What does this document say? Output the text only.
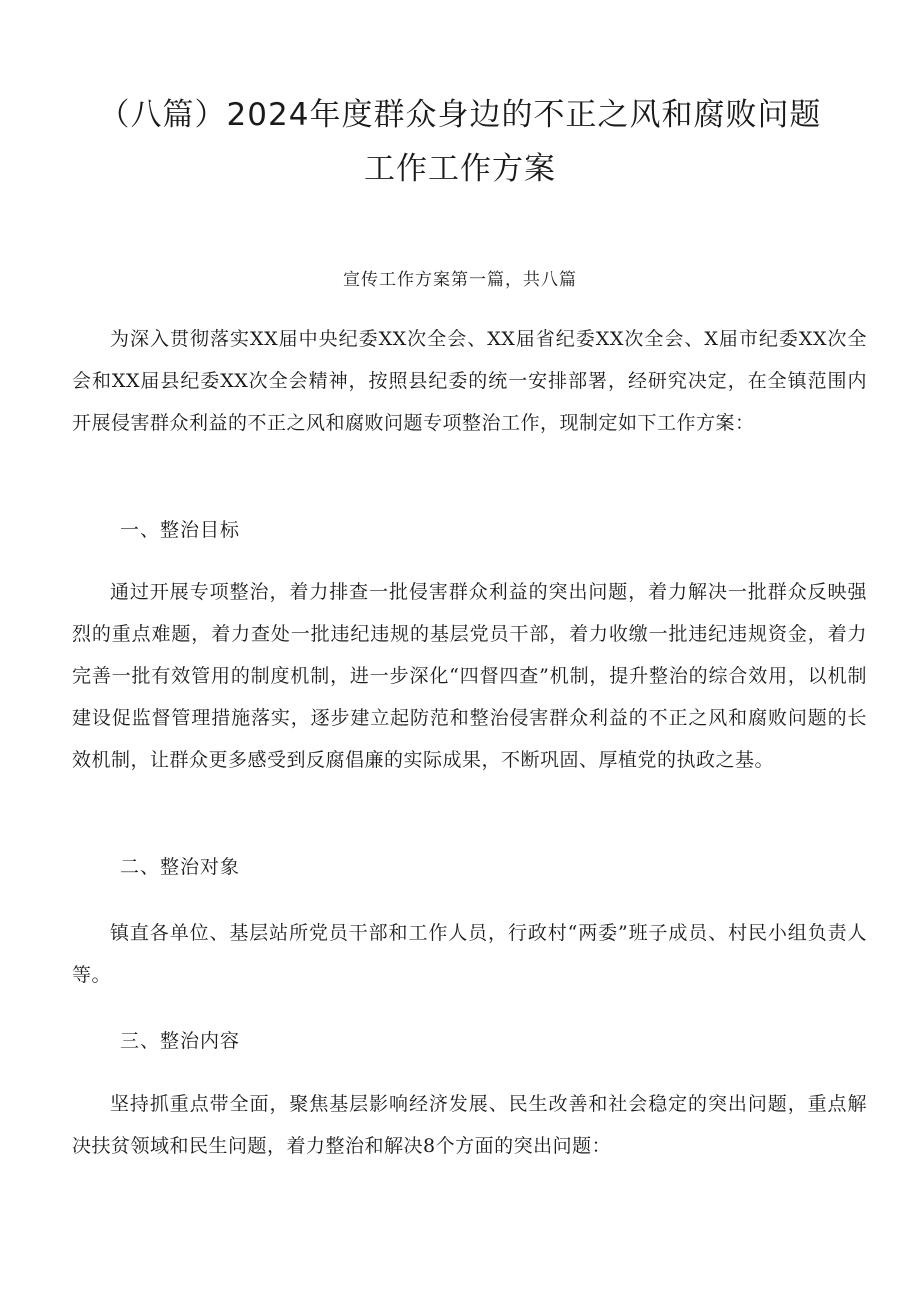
（八篇）2024年度群众身边的不正之风和腐败问题
工作工作方案
宣传工作方案第一篇，共八篇

为深入贯彻落实XX届中央纪委XX次全会、XX届省纪委XX次全会、X届市纪委XX次全会和XX届县纪委XX次全会精神，按照县纪委的统一安排部署，经研究决定，在全镇范围内开展侵害群众利益的不正之风和腐败问题专项整治工作，现制定如下工作方案：

一、整治目标

通过开展专项整治，着力排查一批侵害群众利益的突出问题，着力解决一批群众反映强烈的重点难题，着力查处一批违纪违规的基层党员干部，着力收缴一批违纪违规资金，着力完善一批有效管用的制度机制，进一步深化“四督四查”机制，提升整治的综合效用，以机制建设促监督管理措施落实，逐步建立起防范和整治侵害群众利益的不正之风和腐败问题的长效机制，让群众更多感受到反腐倡廉的实际成果，不断巩固、厚植党的执政之基。

二、整治对象

镇直各单位、基层站所党员干部和工作人员，行政村“两委”班子成员、村民小组负责人等。

三、整治内容

坚持抓重点带全面，聚焦基层影响经济发展、民生改善和社会稳定的突出问题，重点解决扶贫领域和民生问题，着力整治和解决8个方面的突出问题：
